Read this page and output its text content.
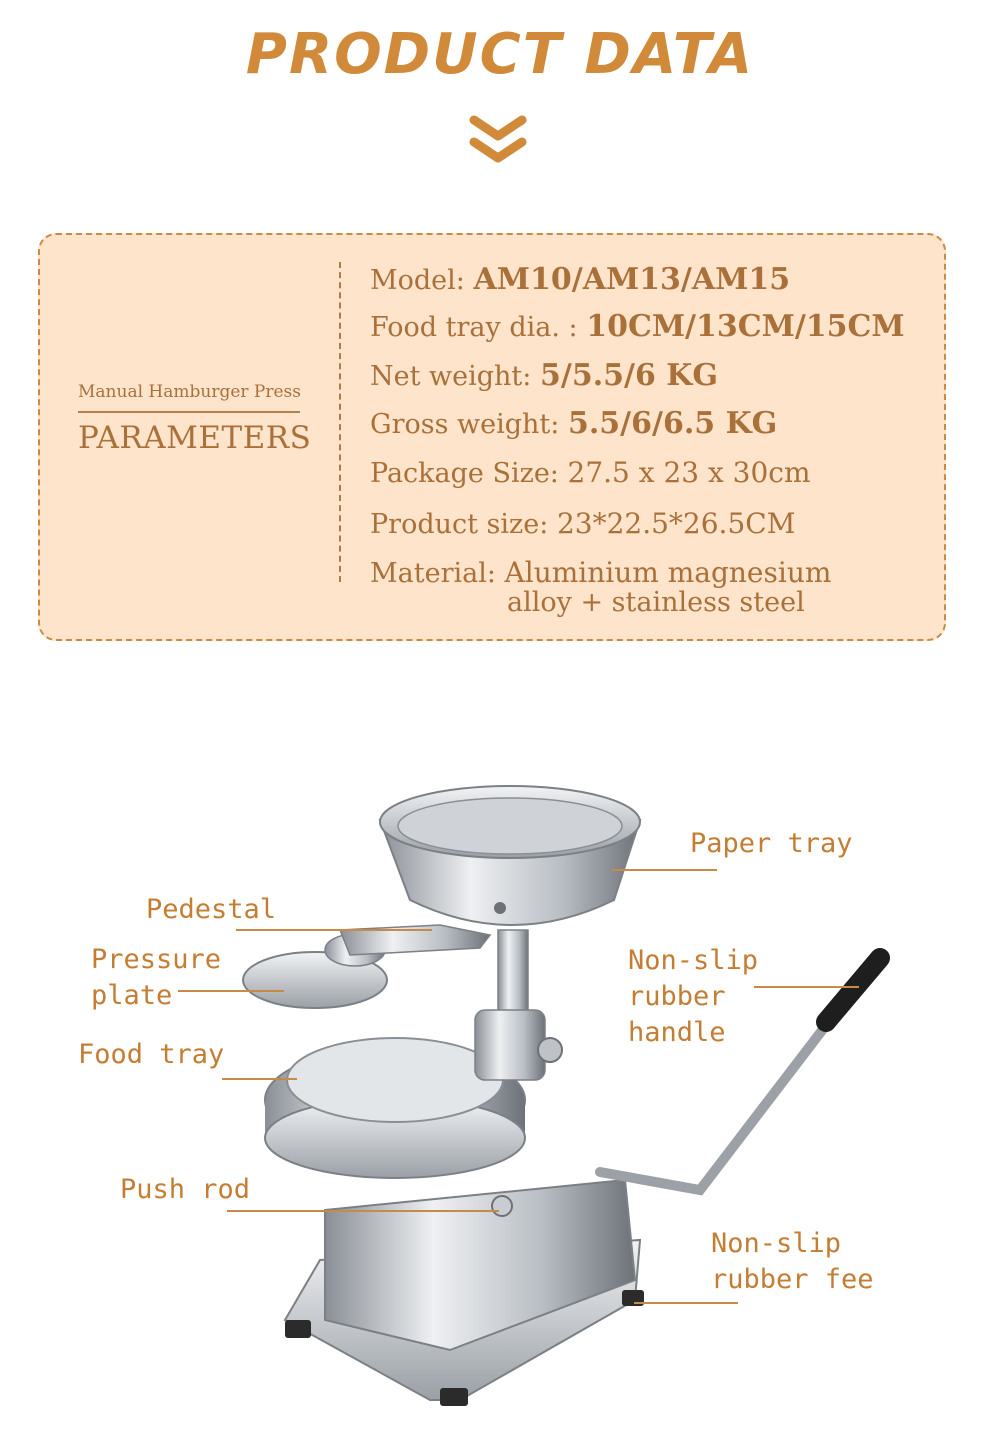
PRODUCT DATA
Manual Hamburger Press
PARAMETERS
Model: AM10/AM13/AM15
Food tray dia. : 10CM/13CM/15CM
Net weight: 5/5.5/6 KG
Gross weight: 5.5/6/6.5 KG
Package Size: 27.5 x 23 x 30cm
Product size: 23*22.5*26.5CM
Material: Aluminium magnesium
alloy + stainless steel
Paper tray
Pedestal
Pressure
plate
Non-slip
rubber
handle
Food tray
Push rod
Non-slip
rubber fee
